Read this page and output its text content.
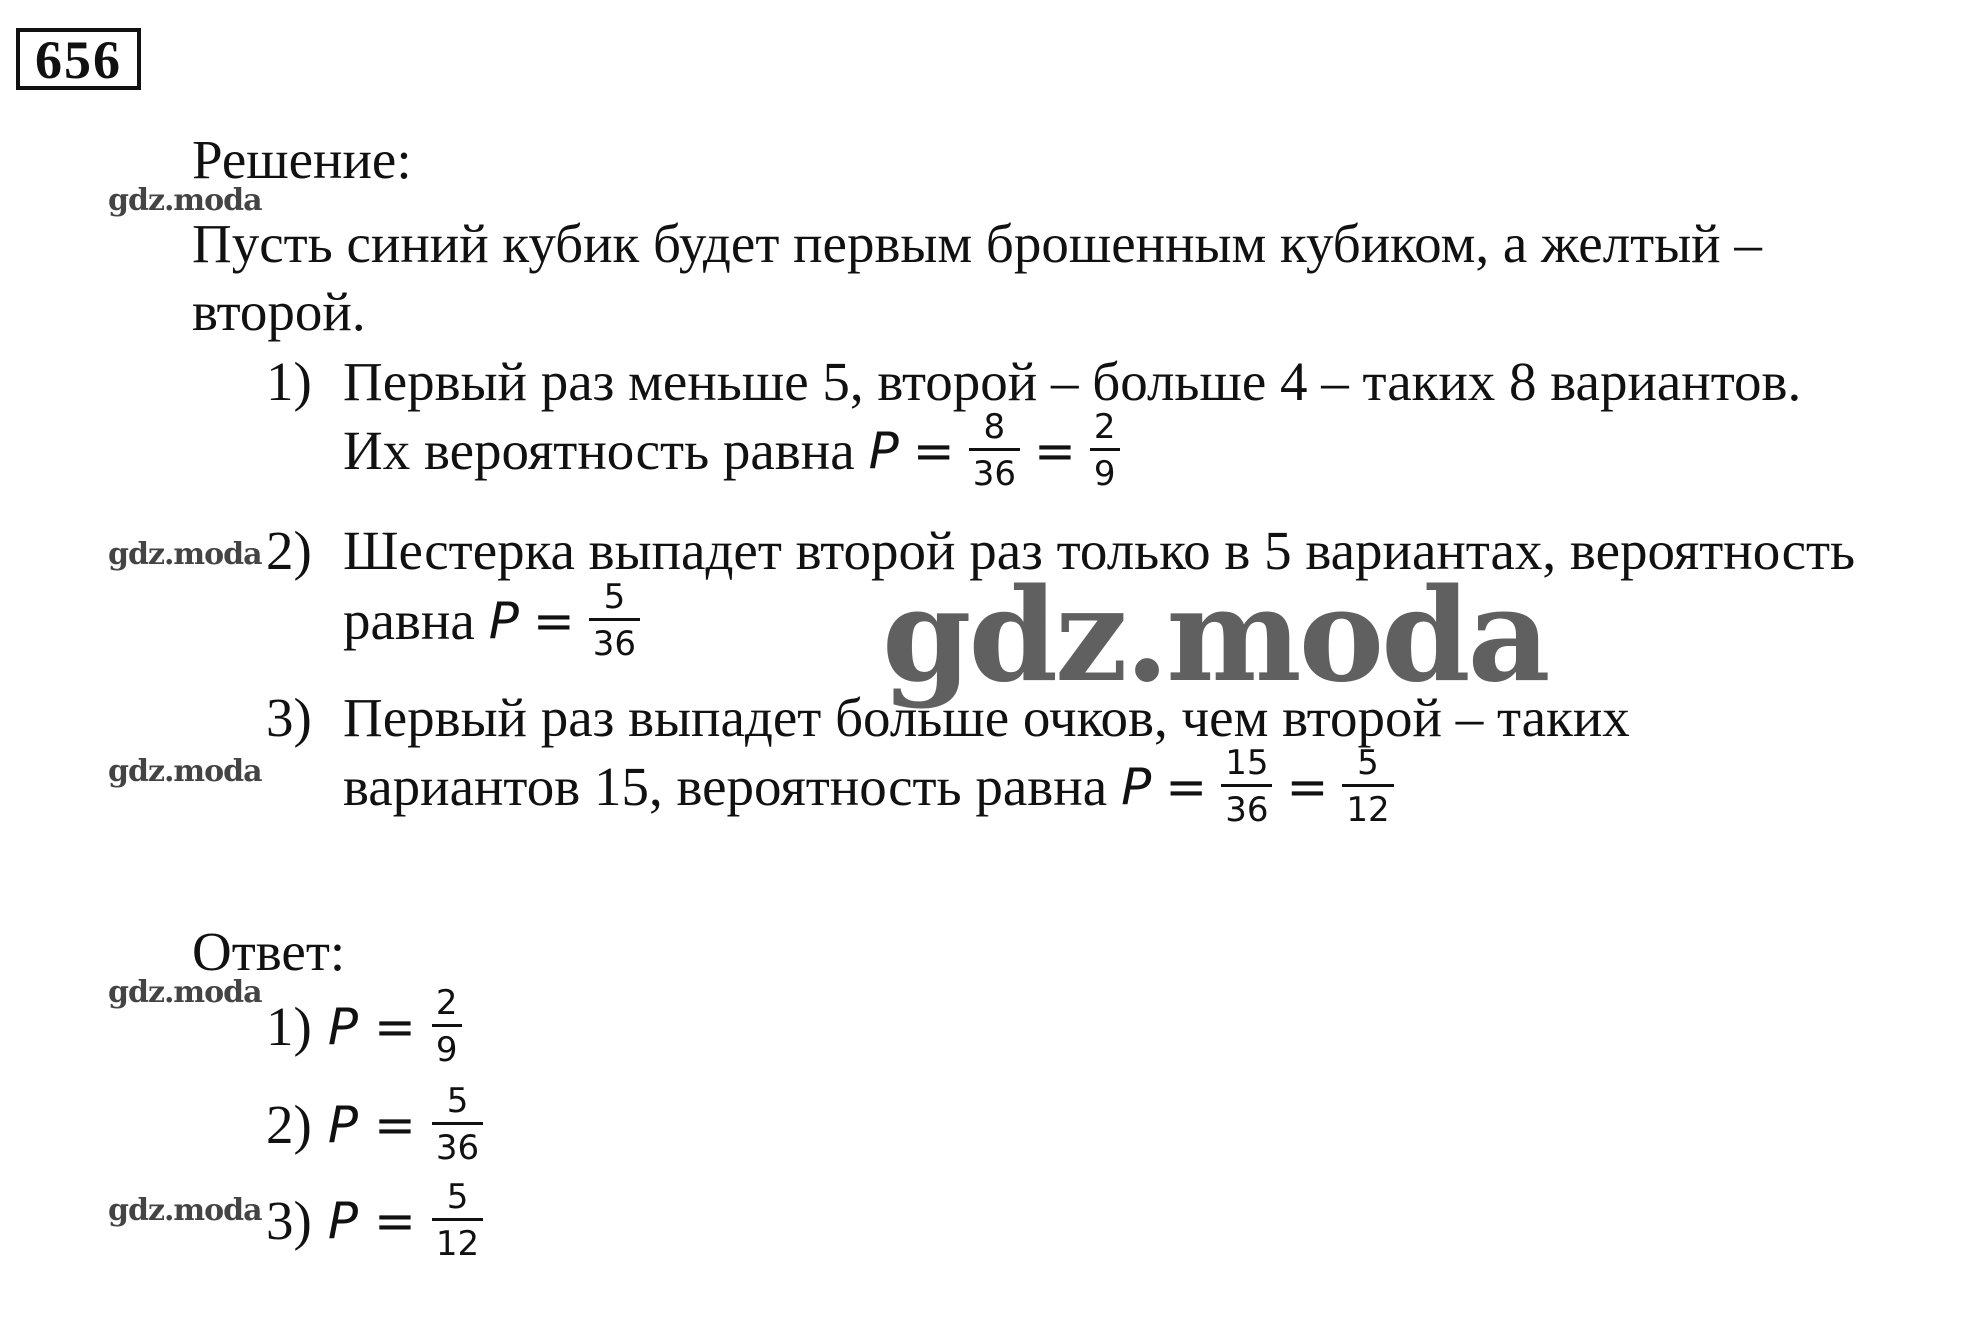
656
gdz.moda
gdz.moda
gdz.moda
gdz.moda
gdz.moda
gdz.moda
Решение:
Пусть синий кубик будет первым брошенным кубиком, а желтый –
второй.
1) Первый раз меньше 5, второй – больше 4 – таких 8 вариантов.
Их вероятность равна $P = \frac{8}{36} = \frac{2}{9}$
2) Шестерка выпадет второй раз только в 5 вариантах, вероятность
равна $P = \frac{5}{36}$
3) Первый раз выпадет больше очков, чем второй – таких
вариантов 15, вероятность равна $P = \frac{15}{36} = \frac{5}{12}$
Ответ:
1) $P = \frac{2}{9}$
2) $P = \frac{5}{36}$
3) $P = \frac{5}{12}$
